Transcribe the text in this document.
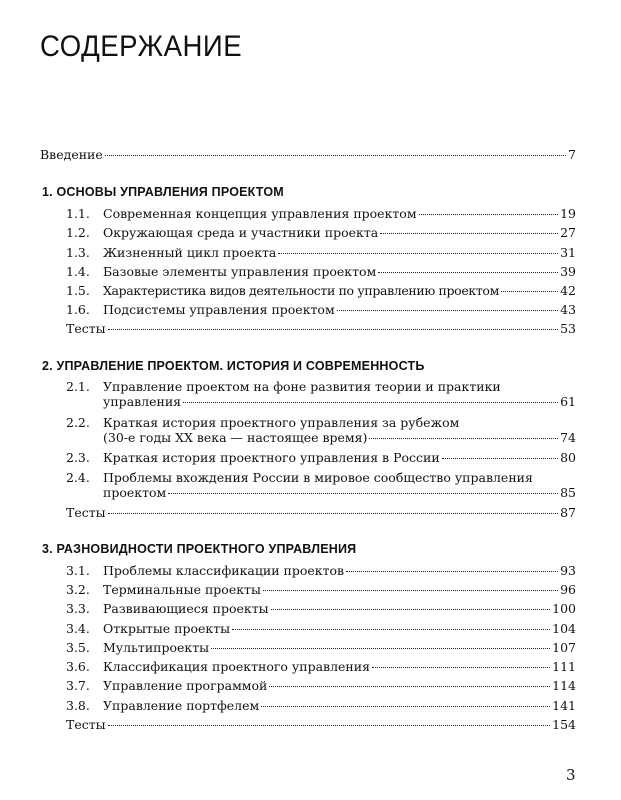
СОДЕРЖАНИЕ
Введение	7
1. ОСНОВЫ УПРАВЛЕНИЯ ПРОЕКТОМ
1.1.	Современная концепция управления проектом	19
1.2.	Окружающая среда и участники проекта	27
1.3.	Жизненный цикл проекта	31
1.4.	Базовые элементы управления проектом	39
1.5.	Характеристика видов деятельности по управлению проектом	42
1.6.	Подсистемы управления проектом	43
Тесты	53
2. УПРАВЛЕНИЕ ПРОЕКТОМ. ИСТОРИЯ И СОВРЕМЕННОСТЬ
2.1.	Управление проектом на фоне развития теории и практики
управления	61
2.2.	Краткая история проектного управления за рубежом
(30-е годы XX века — настоящее время)	74
2.3.	Краткая история проектного управления в России	80
2.4.	Проблемы вхождения России в мировое сообщество управления
проектом	85
Тесты	87
3. РАЗНОВИДНОСТИ ПРОЕКТНОГО УПРАВЛЕНИЯ
3.1.	Проблемы классификации проектов	93
3.2.	Терминальные проекты	96
3.3.	Развивающиеся проекты	100
3.4.	Открытые проекты	104
3.5.	Мультипроекты	107
3.6.	Классификация проектного управления	111
3.7.	Управление программой	114
3.8.	Управление портфелем	141
Тесты	154
3
